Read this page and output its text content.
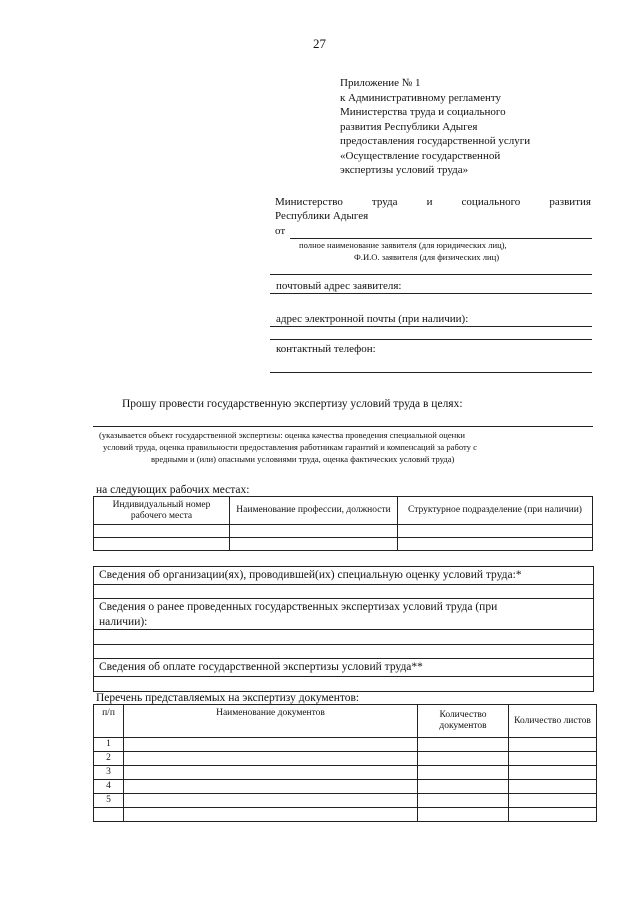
27
Приложение № 1
к Административному регламенту
Министерства труда и социального
развития Республики Адыгея
предоставления государственной услуги
«Осуществление государственной
экспертизы условий труда»
Министерство	труда	и	социального	развития
Республики Адыгея
от
полное наименование заявителя (для юридических лиц),
Ф.И.О. заявителя (для физических лиц)
почтовый адрес заявителя:
адрес электронной почты (при наличии):
контактный телефон:
Прошу провести государственную экспертизу условий труда в целях:
(указывается объект государственной экспертизы: оценка качества проведения специальной оценки
условий труда, оценка правильности предоставления работникам гарантий и компенсаций за работу с
вредными и (или) опасными условиями труда, оценка фактических условий труда)
на следующих рабочих местах:
Индивидуальный номер рабочего места	Наименование профессии, должности	Структурное подразделение (при наличии)

Сведения об организации(ях), проводившей(их) специальную оценку условий труда:*
Сведения о ранее проведенных государственных экспертизах условий труда (при
наличии):
Сведения об оплате государственной экспертизы условий труда**
Перечень представляемых на экспертизу документов:
п/п	Наименование документов	Количество документов	Количество листов
1			
2			
3			
4			
5			
